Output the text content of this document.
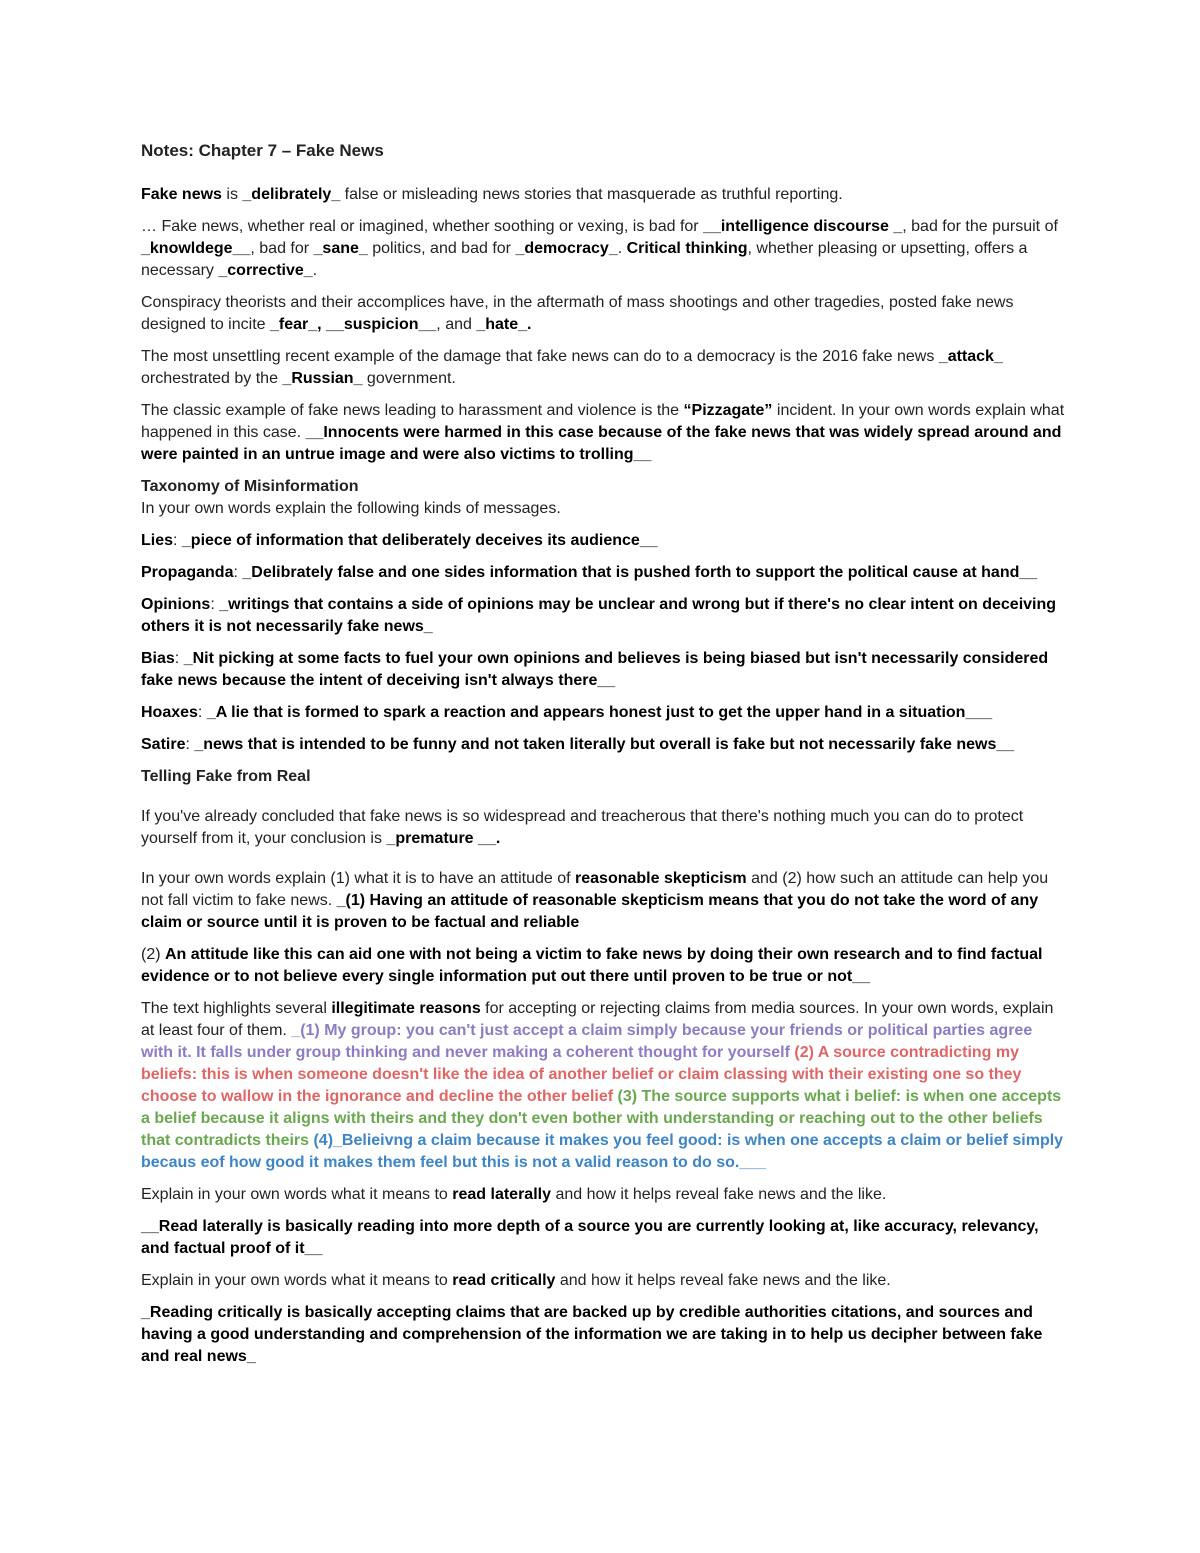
Notes: Chapter 7 – Fake News

Fake news is _delibrately_ false or misleading news stories that masquerade as truthful reporting.

… Fake news, whether real or imagined, whether soothing or vexing, is bad for __intelligence discourse _, bad for the pursuit of _knowldege__, bad for _sane_ politics, and bad for _democracy_. Critical thinking, whether pleasing or upsetting, offers a necessary _corrective_.

Conspiracy theorists and their accomplices have, in the aftermath of mass shootings and other tragedies, posted fake news designed to incite _fear_, __suspicion__, and _hate_.

The most unsettling recent example of the damage that fake news can do to a democracy is the 2016 fake news _attack_ orchestrated by the _Russian_ government.

The classic example of fake news leading to harassment and violence is the “Pizzagate” incident. In your own words explain what happened in this case. __Innocents were harmed in this case because of the fake news that was widely spread around and were painted in an untrue image and were also victims to trolling__

Taxonomy of Misinformation

In your own words explain the following kinds of messages.

Lies: _piece of information that deliberately deceives its audience__

Propaganda: _Delibrately false and one sides information that is pushed forth to support the political cause at hand__

Opinions: _writings that contains a side of opinions may be unclear and wrong but if there's no clear intent on deceiving others it is not necessarily fake news_

Bias: _Nit picking at some facts to fuel your own opinions and believes is being biased but isn't necessarily considered fake news because the intent of deceiving isn't always there__

Hoaxes: _A lie that is formed to spark a reaction and appears honest just to get the upper hand in a situation___

Satire: _news that is intended to be funny and not taken literally but overall is fake but not necessarily fake news__

Telling Fake from Real

If you've already concluded that fake news is so widespread and treacherous that there's nothing much you can do to protect yourself from it, your conclusion is _premature __.

In your own words explain (1) what it is to have an attitude of reasonable skepticism and (2) how such an attitude can help you not fall victim to fake news. _(1) Having an attitude of reasonable skepticism means that you do not take the word of any claim or source until it is proven to be factual and reliable

(2) An attitude like this can aid one with not being a victim to fake news by doing their own research and to find factual evidence or to not believe every single information put out there until proven to be true or not__

The text highlights several illegitimate reasons for accepting or rejecting claims from media sources. In your own words, explain at least four of them. _(1) My group: you can't just accept a claim simply because your friends or political parties agree with it. It falls under group thinking and never making a coherent thought for yourself (2) A source contradicting my beliefs: this is when someone doesn't like the idea of another belief or claim classing with their existing one so they choose to wallow in the ignorance and decline the other belief (3) The source supports what i belief: is when one accepts a belief because it aligns with theirs and they don't even bother with understanding or reaching out to the other beliefs that contradicts theirs (4)_Belieivng a claim because it makes you feel good: is when one accepts a claim or belief simply becaus eof how good it makes them feel but this is not a valid reason to do so.___

Explain in your own words what it means to read laterally and how it helps reveal fake news and the like.

__Read laterally is basically reading into more depth of a source you are currently looking at, like accuracy, relevancy, and factual proof of it__

Explain in your own words what it means to read critically and how it helps reveal fake news and the like.

_Reading critically is basically accepting claims that are backed up by credible authorities citations, and sources and having a good understanding and comprehension of the information we are taking in to help us decipher between fake and real news_
